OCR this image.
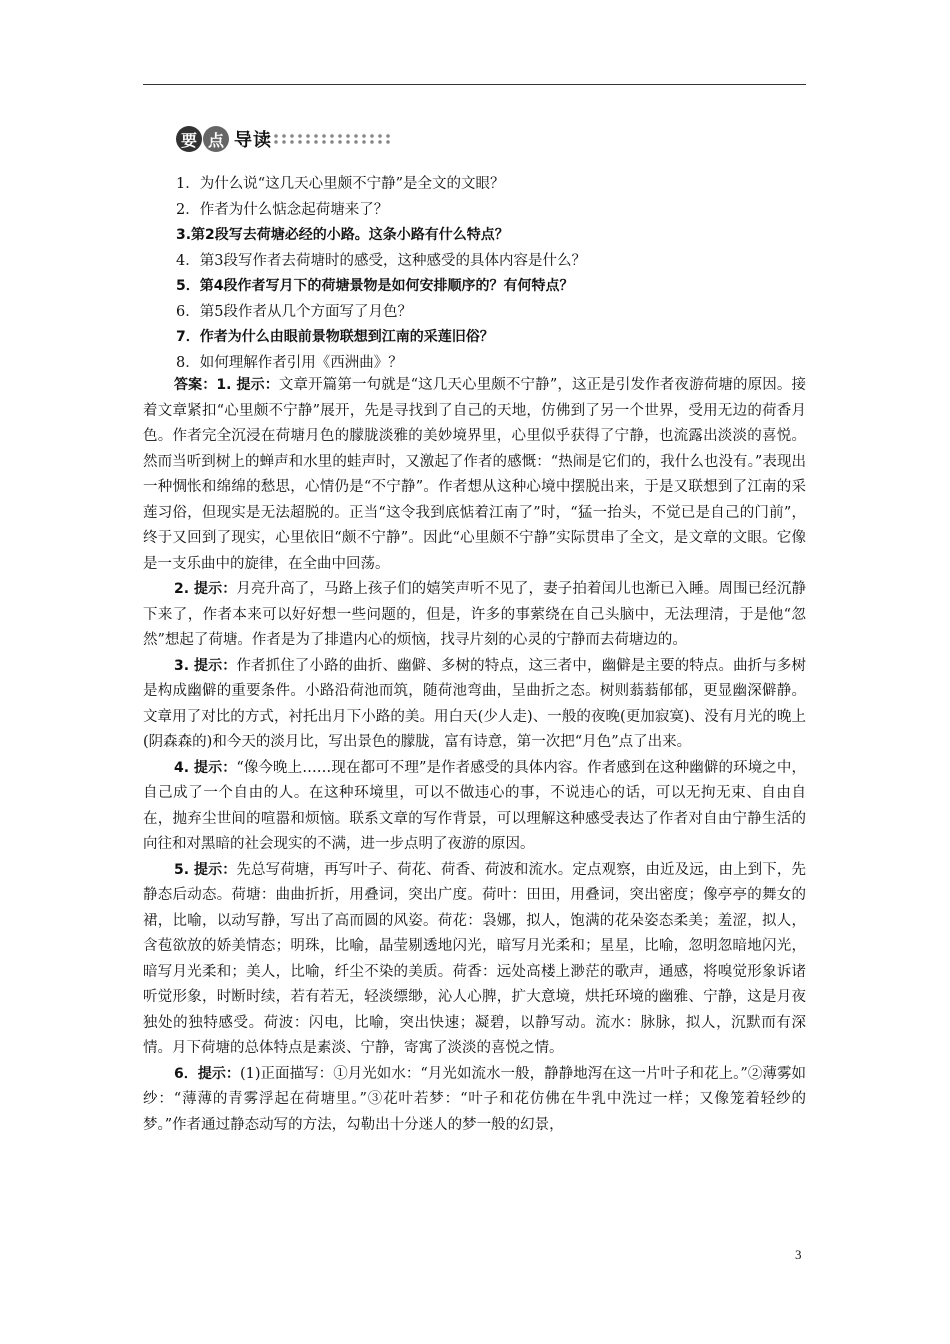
要 点 导读
1．为什么说“这几天心里颇不宁静”是全文的文眼？
2．作者为什么惦念起荷塘来了？
3.第2段写去荷塘必经的小路。这条小路有什么特点？
4．第3段写作者去荷塘时的感受，这种感受的具体内容是什么？
5．第4段作者写月下的荷塘景物是如何安排顺序的？有何特点？
6．第5段作者从几个方面写了月色？
7．作者为什么由眼前景物联想到江南的采莲旧俗？
8．如何理解作者引用《西洲曲》？

答案：1. 提示：文章开篇第一句就是“这几天心里颇不宁静”，这正是引发作者夜游荷塘的原因。接着文章紧扣“心里颇不宁静”展开，先是寻找到了自己的天地，仿佛到了另一个世界，受用无边的荷香月色。作者完全沉浸在荷塘月色的朦胧淡雅的美妙境界里，心里似乎获得了宁静，也流露出淡淡的喜悦。然而当听到树上的蝉声和水里的蛙声时，又激起了作者的感慨：“热闹是它们的，我什么也没有。”表现出一种惆怅和绵绵的愁思，心情仍是“不宁静”。作者想从这种心境中摆脱出来，于是又联想到了江南的采莲习俗，但现实是无法超脱的。正当“这令我到底惦着江南了”时，“猛一抬头，不觉已是自己的门前”，终于又回到了现实，心里依旧“颇不宁静”。因此“心里颇不宁静”实际贯串了全文，是文章的文眼。它像是一支乐曲中的旋律，在全曲中回荡。

2. 提示：月亮升高了，马路上孩子们的嬉笑声听不见了，妻子拍着闰儿也渐已入睡。周围已经沉静下来了，作者本来可以好好想一些问题的，但是，许多的事萦绕在自己头脑中，无法理清，于是他“忽然”想起了荷塘。作者是为了排遣内心的烦恼，找寻片刻的心灵的宁静而去荷塘边的。

3. 提示：作者抓住了小路的曲折、幽僻、多树的特点，这三者中，幽僻是主要的特点。曲折与多树是构成幽僻的重要条件。小路沿荷池而筑，随荷池弯曲，呈曲折之态。树则蓊蓊郁郁，更显幽深僻静。文章用了对比的方式，衬托出月下小路的美。用白天(少人走)、一般的夜晚(更加寂寞)、没有月光的晚上(阴森森的)和今天的淡月比，写出景色的朦胧，富有诗意，第一次把“月色”点了出来。

4. 提示：“像今晚上……现在都可不理”是作者感受的具体内容。作者感到在这种幽僻的环境之中，自己成了一个自由的人。在这种环境里，可以不做违心的事，不说违心的话，可以无拘无束、自由自在，抛弃尘世间的喧嚣和烦恼。联系文章的写作背景，可以理解这种感受表达了作者对自由宁静生活的向往和对黑暗的社会现实的不满，进一步点明了夜游的原因。

5. 提示：先总写荷塘，再写叶子、荷花、荷香、荷波和流水。定点观察，由近及远，由上到下，先静态后动态。荷塘：曲曲折折，用叠词，突出广度。荷叶：田田，用叠词，突出密度；像亭亭的舞女的裙，比喻，以动写静，写出了高而圆的风姿。荷花：袅娜，拟人，饱满的花朵姿态柔美；羞涩，拟人，含苞欲放的娇美情态；明珠，比喻，晶莹剔透地闪光，暗写月光柔和；星星，比喻，忽明忽暗地闪光，暗写月光柔和；美人，比喻，纤尘不染的美质。荷香：远处高楼上渺茫的歌声，通感，将嗅觉形象诉诸听觉形象，时断时续，若有若无，轻淡缥缈，沁人心脾，扩大意境，烘托环境的幽雅、宁静，这是月夜独处的独特感受。荷波：闪电，比喻，突出快速；凝碧，以静写动。流水：脉脉，拟人，沉默而有深情。月下荷塘的总体特点是素淡、宁静，寄寓了淡淡的喜悦之情。

6．提示：(1)正面描写：①月光如水：“月光如流水一般，静静地泻在这一片叶子和花上。”②薄雾如纱：“薄薄的青雾浮起在荷塘里。”③花叶若梦：“叶子和花仿佛在牛乳中洗过一样；又像笼着轻纱的梦。”作者通过静态动写的方法，勾勒出十分迷人的梦一般的幻景，

3
